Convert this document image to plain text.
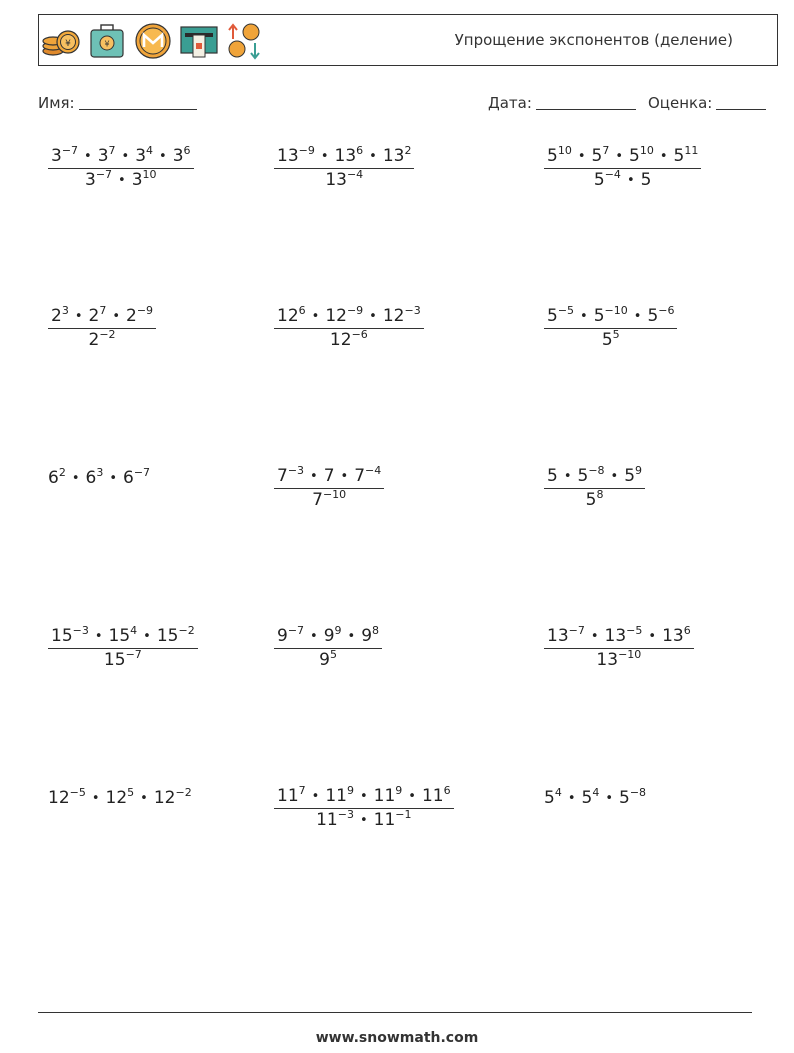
¥	¥	Упрощение экспонентов (деление)
Имя:	Дата:	Оценка:
$\frac{3^{-7} • 3^7 • 3^4 • 3^6}{3^{-7} • 3^{10}}$	$\frac{13^{-9} • 13^6 • 13^2}{13^{-4}}$	$\frac{5^{10} • 5^7 • 5^{10} • 5^{11}}{5^{-4} • 5}$
$\frac{2^3 • 2^7 • 2^{-9}}{2^{-2}}$	$\frac{12^6 • 12^{-9} • 12^{-3}}{12^{-6}}$	$\frac{5^{-5} • 5^{-10} • 5^{-6}}{5^5}$
$6^2$ • $6^3$ • $6^{-7}$	$\frac{7^{-3} • 7 • 7^{-4}}{7^{-10}}$	$\frac{5 • 5^{-8} • 5^9}{5^8}$
$\frac{15^{-3} • 15^4 • 15^{-2}}{15^{-7}}$	$\frac{9^{-7} • 9^9 • 9^8}{9^5}$	$\frac{13^{-7} • 13^{-5} • 13^6}{13^{-10}}$
$12^{-5}$ • $12^5$ • $12^{-2}$	$\frac{11^7 • 11^9 • 11^9 • 11^6}{11^{-3} • 11^{-1}}$	$5^4$ • $5^4$ • $5^{-8}$
www.snowmath.com
